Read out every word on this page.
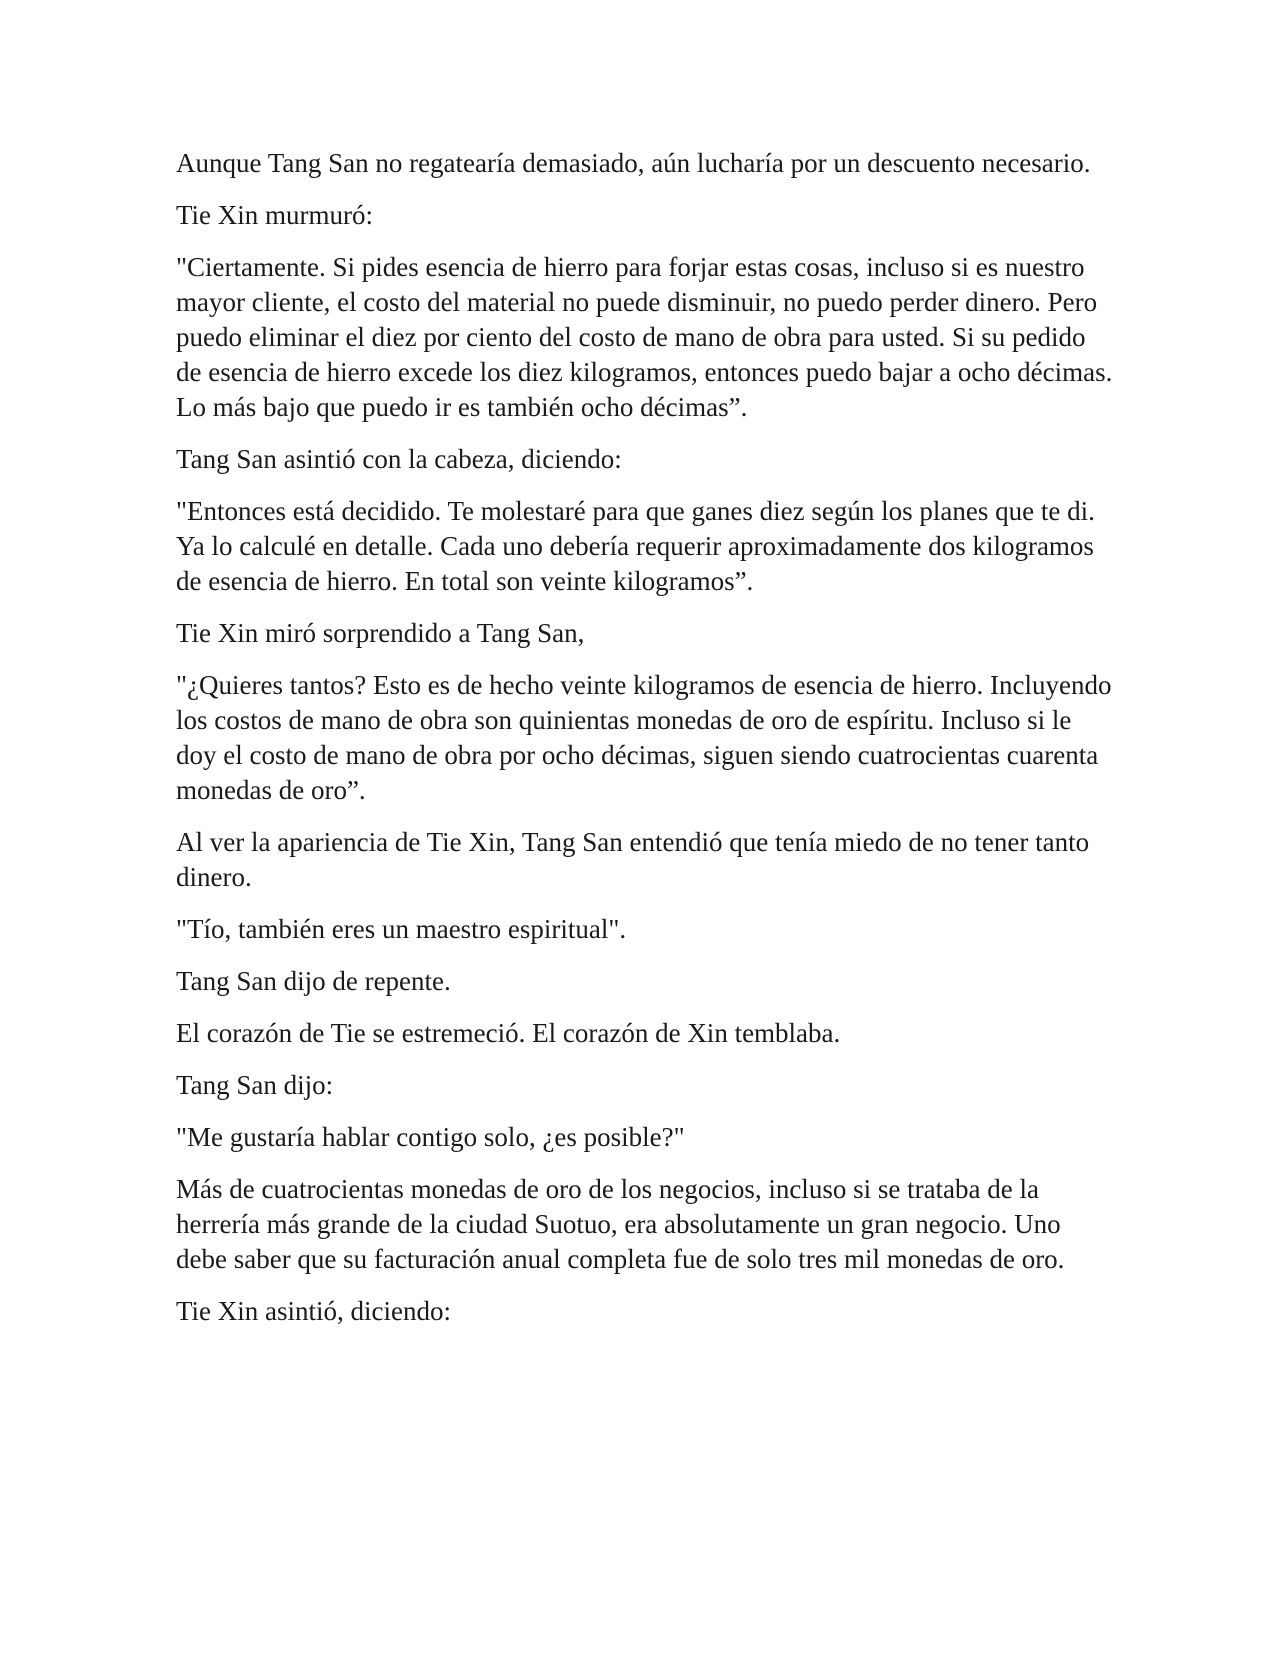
Aunque Tang San no regatearía demasiado, aún lucharía por un descuento necesario.

Tie Xin murmuró:

"Ciertamente. Si pides esencia de hierro para forjar estas cosas, incluso si es nuestro mayor cliente, el costo del material no puede disminuir, no puedo perder dinero. Pero puedo eliminar el diez por ciento del costo de mano de obra para usted. Si su pedido de esencia de hierro excede los diez kilogramos, entonces puedo bajar a ocho décimas. Lo más bajo que puedo ir es también ocho décimas”.

Tang San asintió con la cabeza, diciendo:

"Entonces está decidido. Te molestaré para que ganes diez según los planes que te di. Ya lo calculé en detalle. Cada uno debería requerir aproximadamente dos kilogramos de esencia de hierro. En total son veinte kilogramos”.

Tie Xin miró sorprendido a Tang San,

"¿Quieres tantos? Esto es de hecho veinte kilogramos de esencia de hierro. Incluyendo los costos de mano de obra son quinientas monedas de oro de espíritu. Incluso si le doy el costo de mano de obra por ocho décimas, siguen siendo cuatrocientas cuarenta monedas de oro”.

Al ver la apariencia de Tie Xin, Tang San entendió que tenía miedo de no tener tanto dinero.

"Tío, también eres un maestro espiritual".

Tang San dijo de repente.

El corazón de Tie se estremeció. El corazón de Xin temblaba.

Tang San dijo:

"Me gustaría hablar contigo solo, ¿es posible?"

Más de cuatrocientas monedas de oro de los negocios, incluso si se trataba de la herrería más grande de la ciudad Suotuo, era absolutamente un gran negocio. Uno debe saber que su facturación anual completa fue de solo tres mil monedas de oro.

Tie Xin asintió, diciendo:
